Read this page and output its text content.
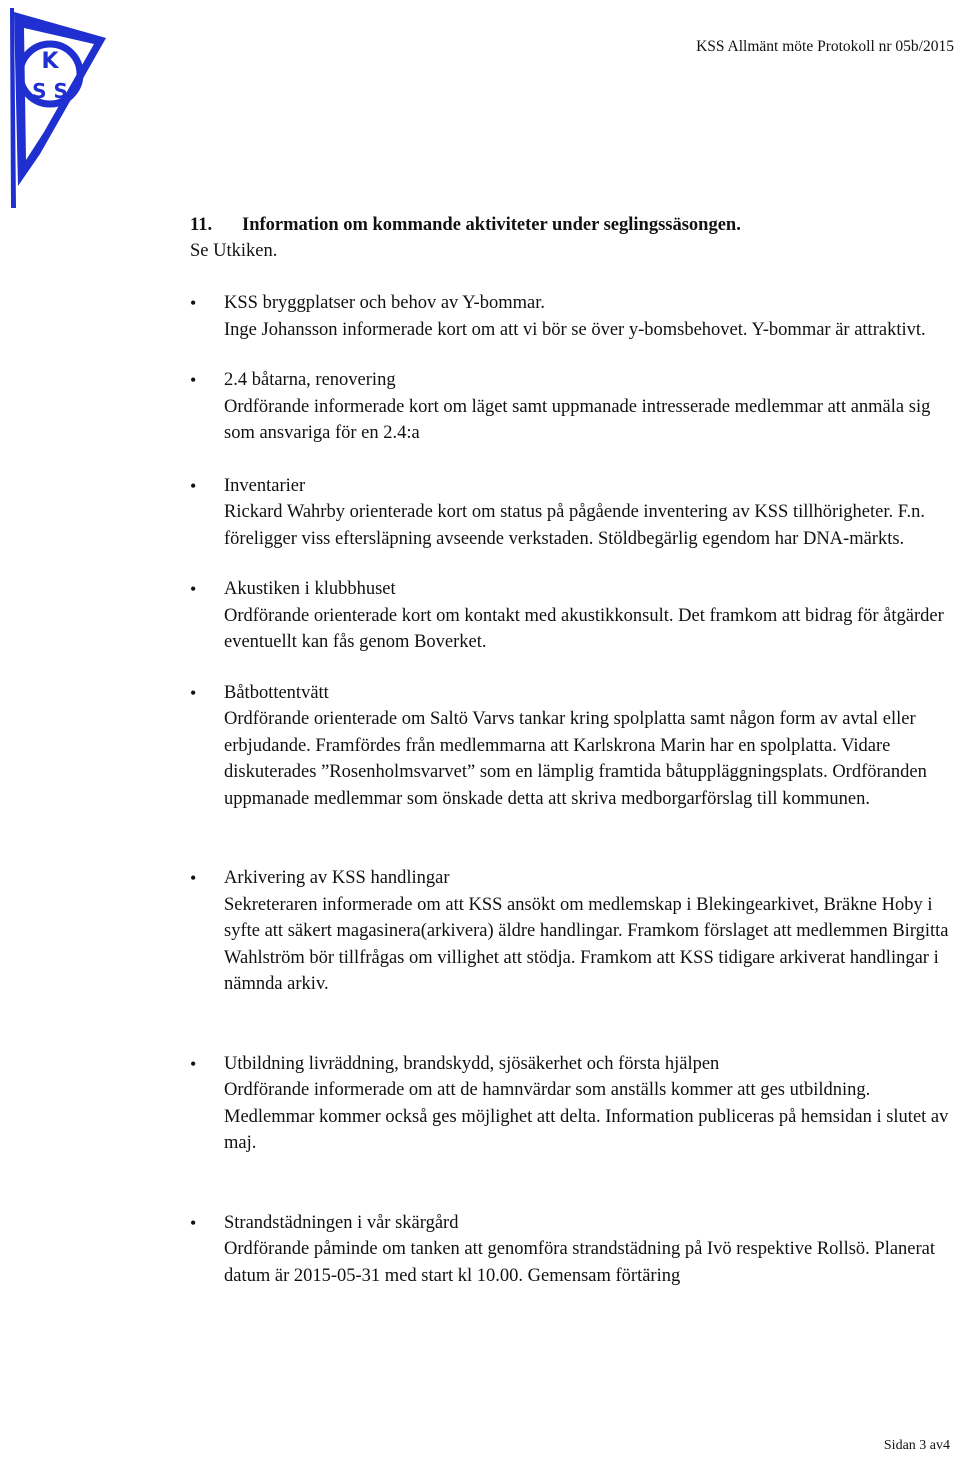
K
S S
KSS Allmänt möte Protokoll nr 05b/2015
11. Information om kommande aktiviteter under seglingssäsongen.
Se Utkiken.
•	KSS bryggplatser och behov av Y-bommar.

Inge Johansson informerade kort om att vi bör se över y-bomsbehovet. Y-bommar är attraktivt.

•	2.4 båtarna, renovering

Ordförande informerade kort om läget samt uppmanade intresserade medlemmar att anmäla sig som ansvariga för en 2.4:a

•	Inventarier

Rickard Wahrby orienterade kort om status på pågående inventering av KSS tillhörigheter. F.n. föreligger viss eftersläpning avseende verkstaden. Stöldbegärlig egendom har DNA-märkts.

•	Akustiken i klubbhuset

Ordförande orienterade kort om kontakt med akustikkonsult. Det framkom att bidrag för åtgärder eventuellt kan fås genom Boverket.

•	Båtbottentvätt

Ordförande orienterade om Saltö Varvs tankar kring spolplatta samt någon form av avtal eller erbjudande. Framfördes från medlemmarna att Karlskrona Marin har en spolplatta. Vidare diskuterades ”Rosenholmsvarvet” som en lämplig framtida båtuppläggningsplats. Ordföranden uppmanade medlemmar som önskade detta att skriva medborgarförslag till kommunen.

•	Arkivering av KSS handlingar

Sekreteraren informerade om att KSS ansökt om medlemskap i Blekingearkivet, Bräkne Hoby i syfte att säkert magasinera(arkivera) äldre handlingar. Framkom förslaget att medlemmen Birgitta Wahlström bör tillfrågas om villighet att stödja. Framkom att KSS tidigare arkiverat handlingar i nämnda arkiv.

•	Utbildning livräddning, brandskydd, sjösäkerhet och första hjälpen

Ordförande informerade om att de hamnvärdar som anställs kommer att ges utbildning. Medlemmar kommer också ges möjlighet att delta. Information publiceras på hemsidan i slutet av maj.

•	Strandstädningen i vår skärgård

Ordförande påminde om tanken att genomföra strandstädning på Ivö respektive Rollsö. Planerat datum är 2015-05-31 med start kl 10.00. Gemensam förtäring

Sidan 3 av4
